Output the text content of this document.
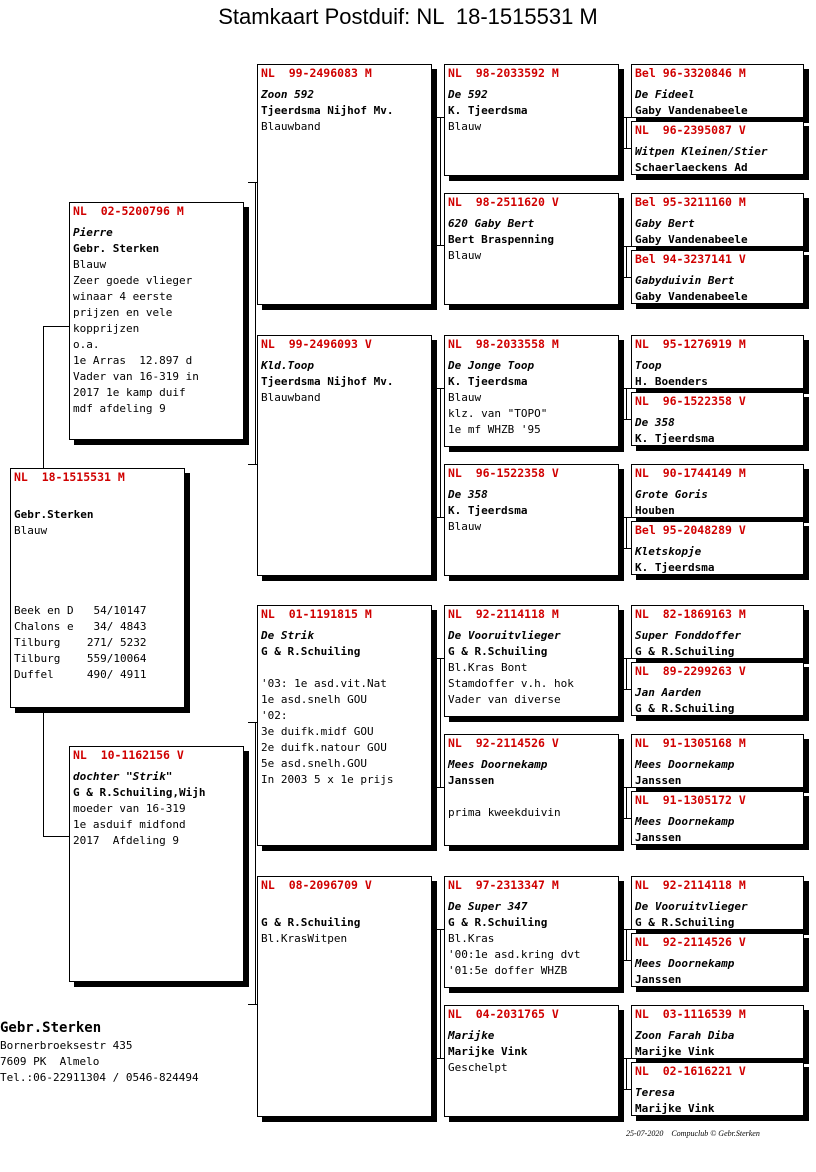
Stamkaart Postduif: NL  18-1515531 M
NL  18-1515531 M
Gebr.Sterken
Blauw
Beek en D   54/10147
Chalons e   34/ 4843
Tilburg    271/ 5232
Tilburg    559/10064
Duffel     490/ 4911
NL  02-5200796 M
Pierre
Gebr. Sterken
Blauw
Zeer goede vlieger
winaar 4 eerste
prijzen en vele
kopprijzen
o.a.
1e Arras  12.897 d
Vader van 16-319 in
2017 1e kamp duif
mdf afdeling 9
NL  10-1162156 V
dochter "Strik"
G & R.Schuiling,Wijh
moeder van 16-319
1e asduif midfond
2017  Afdeling 9
NL  99-2496083 M
Zoon 592
Tjeerdsma Nijhof Mv.
Blauwband
NL  99-2496093 V
Kld.Toop
Tjeerdsma Nijhof Mv.
Blauwband
NL  01-1191815 M
De Strik
G & R.Schuiling
'03: 1e asd.vit.Nat
1e asd.snelh GOU
'02:
3e duifk.midf GOU
2e duifk.natour GOU
5e asd.snelh.GOU
In 2003 5 x 1e prijs
NL  08-2096709 V
G & R.Schuiling
Bl.KrasWitpen
NL  98-2033592 M
De 592
K. Tjeerdsma
Blauw
NL  98-2511620 V
620 Gaby Bert
Bert Braspenning
Blauw
NL  98-2033558 M
De Jonge Toop
K. Tjeerdsma
Blauw
klz. van "TOPO"
1e mf WHZB '95
NL  96-1522358 V
De 358
K. Tjeerdsma
Blauw
NL  92-2114118 M
De Vooruitvlieger
G & R.Schuiling
Bl.Kras Bont
Stamdoffer v.h. hok
Vader van diverse
NL  92-2114526 V
Mees Doornekamp
Janssen
prima kweekduivin
NL  97-2313347 M
De Super 347
G & R.Schuiling
Bl.Kras
'00:1e asd.kring dvt
'01:5e doffer WHZB
NL  04-2031765 V
Marijke
Marijke Vink
Geschelpt
Bel 96-3320846 M
De Fideel
Gaby Vandenabeele
NL  96-2395087 V
Witpen Kleinen/Stier
Schaerlaeckens Ad
Bel 95-3211160 M
Gaby Bert
Gaby Vandenabeele
Bel 94-3237141 V
Gabyduivin Bert
Gaby Vandenabeele
NL  95-1276919 M
Toop
H. Boenders
NL  96-1522358 V
De 358
K. Tjeerdsma
NL  90-1744149 M
Grote Goris
Houben
Bel 95-2048289 V
Kletskopje
K. Tjeerdsma
NL  82-1869163 M
Super Fonddoffer
G & R.Schuiling
NL  89-2299263 V
Jan Aarden
G & R.Schuiling
NL  91-1305168 M
Mees Doornekamp
Janssen
NL  91-1305172 V
Mees Doornekamp
Janssen
NL  92-2114118 M
De Vooruitvlieger
G & R.Schuiling
NL  92-2114526 V
Mees Doornekamp
Janssen
NL  03-1116539 M
Zoon Farah Diba
Marijke Vink
NL  02-1616221 V
Teresa
Marijke Vink
Gebr.Sterken
Bornerbroeksestr 435
7609 PK  Almelo
Tel.:06-22911304 / 0546-824494
25-07-2020    Compuclub © Gebr.Sterken
